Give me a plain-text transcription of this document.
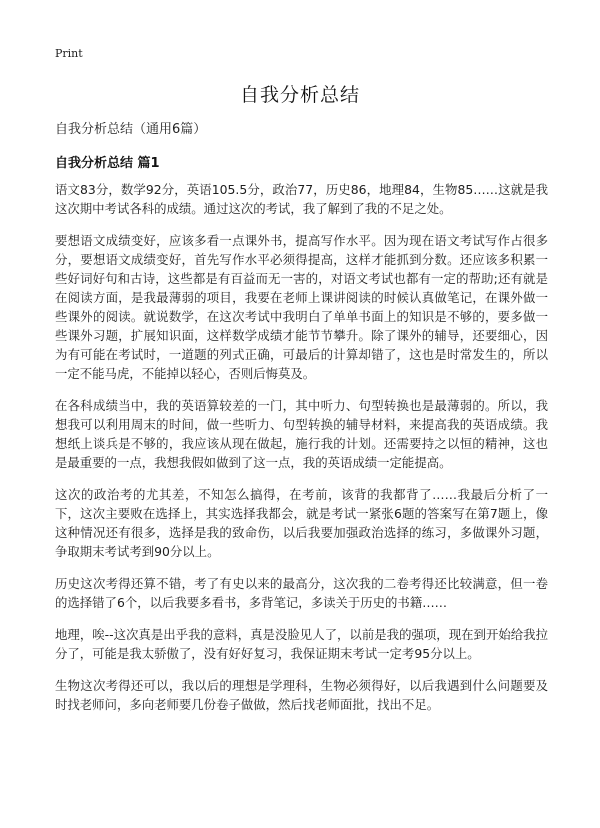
Print
自我分析总结
自我分析总结（通用6篇）
自我分析总结 篇1

语文83分，数学92分，英语105.5分，政治77，历史86，地理84，生物85……这就是我这次期中考试各科的成绩。通过这次的考试，我了解到了我的不足之处。

要想语文成绩变好，应该多看一点课外书，提高写作水平。因为现在语文考试写作占很多分，要想语文成绩变好，首先写作水平必须得提高，这样才能抓到分数。还应该多积累一些好词好句和古诗，这些都是有百益而无一害的，对语文考试也都有一定的帮助;还有就是在阅读方面，是我最薄弱的项目，我要在老师上课讲阅读的时候认真做笔记，在课外做一些课外的阅读。就说数学，在这次考试中我明白了单单书面上的知识是不够的，要多做一些课外习题，扩展知识面，这样数学成绩才能节节攀升。除了课外的辅导，还要细心，因为有可能在考试时，一道题的列式正确，可最后的计算却错了，这也是时常发生的，所以一定不能马虎，不能掉以轻心，否则后悔莫及。

在各科成绩当中，我的英语算较差的一门，其中听力、句型转换也是最薄弱的。所以，我想我可以利用周末的时间，做一些听力、句型转换的辅导材料，来提高我的英语成绩。我想纸上谈兵是不够的，我应该从现在做起，施行我的计划。还需要持之以恒的精神，这也是最重要的一点，我想我假如做到了这一点，我的英语成绩一定能提高。

这次的政治考的尤其差，不知怎么搞得，在考前，该背的我都背了……我最后分析了一下，这次主要败在选择上，其实选择我都会，就是考试一紧张6题的答案写在第7题上，像这种情况还有很多，选择是我的致命伤，以后我要加强政治选择的练习，多做课外习题，争取期末考试考到90分以上。

历史这次考得还算不错，考了有史以来的最高分，这次我的二卷考得还比较满意，但一卷的选择错了6个，以后我要多看书，多背笔记，多读关于历史的书籍……

地理，唉--这次真是出乎我的意料，真是没脸见人了，以前是我的强项，现在到开始给我拉分了，可能是我太骄傲了，没有好好复习，我保证期末考试一定考95分以上。

生物这次考得还可以，我以后的理想是学理科，生物必须得好，以后我遇到什么问题要及时找老师问，多向老师要几份卷子做做，然后找老师面批，找出不足。
